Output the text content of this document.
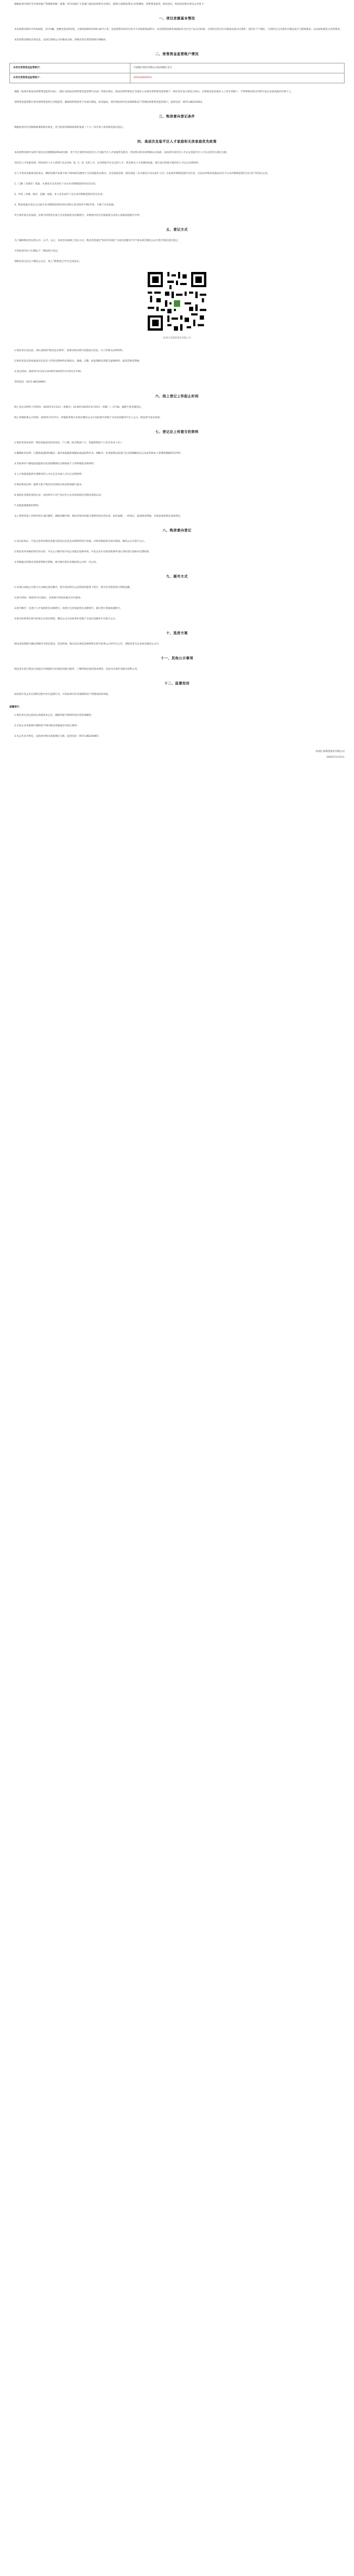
根据杭州市商住宅市场房地产管理机构统一部署，经市房地产主管部门商品房预售有关规定，现将江南璞荟(暂定名)售楼处、预售资金监管、购房登记、购房选房相关事宜公告如下：

一、项目房源基本情况

本次销售房源共计约304套，其中1幢、清雅里套房约2套、合建筑面积约2505.40平方米。房屋销售均价约为每平方米按建筑面积计，本次销售房源各项指标符合住宅产品交付标准，合同约定的交付日期前具备交付条件，项目位于下城区，合同约定交付条件应满足设计与规划要求，以及国家规范文件的要求。

本次销售房源的具体信息，以项目现场公示价格表为准。请购房者在预售现场仔细核对。

二、预售资金监管账户情况
本项目预售资金监管银行：	中国银行股份有限公司杭州城东支行
本项目预售资金监管账户：	405246600052

根据《杭州市商品房预售资金监管办法》、《浙江省商品房预售资金监管暂行办法》等相关规定，商品房预售资金应全部存入本项目预售资金监管账户，购房者在签订购房合同后，应将购房款直接存入上述专用账户，不得将购房款支付给开发企业或其他单位和个人。

预售资金监管银行将对预售资金进行全程监管，确保预售资金用于本项目建设。如有疑问，请咨询杭州市住房保障和房产管理局预售资金监管部门，监督电话：0571-86223052。

三、购房意向登记条件

根据杭州市住房限购政策的相关规定，符合杭州市限购政策的家庭（个人）均可参与本次购房意向登记。

四、高层次及临平区人才家庭和无房家庭优先政策

本次销售房源中安排不超过总房源数量20%的房源，用于符合条件的高层次人才及临平区人才家庭优先购买。优先购买的具体资格认定标准，以杭州市高层次人才认定及临平区人才认定的有关规定为准。

高层次人才家庭是指：经杭州市人才主管部门认定的A、B、C、D、E类人才，以及经临平区认定的人才。优先购买人才房源的家庭，须在登记时提交相应的人才认定证明材料。

在人才优先房源选房结束后，剩余房源中安排不低于50%的房源用于无房家庭优先购买。无房家庭是指：购房家庭（含夫妻双方及未成年子女）在杭州市限购范围内无住房，且登记时购房家庭成员名下在本市限购范围内无住房产权登记记录。

1、已婚（含离异）家庭，夫妻双方及未成年子女在本市限购范围内均无住房；

2、单身（未婚、离异、丧偶）家庭，本人及未成年子女在本市限购范围内均无住房；

3、购房家庭在登记之日前在本市限购范围内的住房转让登记时间不满1年的，不属于无房家庭。

符合条件的无房家庭，在摇号时将优先参与无房家庭优先房源摇号。未被摇中的无房家庭将自动进入普通家庭摇号序列。

五、登记方式

为了确保购房登记的公开、公平、公正，本项目采取线上登记方式，购房者需通过"杭州市房地产交易信息服务平台"或本项目微信公众号进行购房意向登记。

可用杭州市民卡扫描以下二维码进行登记：

请购房者关注以下微信公众号，进入"我要登记"栏目完成登记。

杭州江南璞荟置业有限公司

1.购房者在登记前，请认真阅读"购房登记须知"，按要求如实填写家庭成员信息，并上传相关证明材料。

2.购房者登记的家庭成员信息及上传的证明材料必须真实、准确、完整。如发现购房者提交虚假材料，取消其购房资格。

3.登记时间：2025年3月23日10:00至2025年3月25日17:00。

咨询电话：0571-86226987。

六、线上登记上传起止时间

线上登记及材料上传时间：2025年3月23日（星期日）10:00至2025年3月25日（星期二）17:00。逾期不再受理登记。

线上审核结果公示时间：2025年3月27日。审核结果将在本项目微信公众号及杭州市房地产交易信息服务平台上公示，购房者可登录查询。

七、登记应上传提交的资料

1.购房者身份证明：购房家庭成员的身份证、户口簿（如为集体户口，需提供集体户口首页及本人页）；

2.婚姻状况证明：已婚家庭提供结婚证；离异家庭提供离婚证或法院判决书、调解书；单身提供民政部门出具的婚姻登记记录证明或本人签署的婚姻状况声明；

3.非杭州市户籍家庭需提供在杭连续缴纳社会保险或个人所得税的证明材料；

4.人才家庭需提供有效期内的人才认定证书或人才认定证明材料；

5.购房资金证明：提供不低于购房首付款的存款证明或银行流水；

6.家庭住房情况查询记录：由杭州市不动产登记中心出具的家庭住房情况查询记录；

7.其他需要提供的资料。

以上资料均需上传原件照片或扫描件，确保清晰可辨。购房者须对所提交资料的真实性负责，如有虚假，一经查实，取消购房资格，并依法承担相应法律责任。

八、购房意向登记

1.登记结束后，开发企业将对购房者提交的登记信息及证明材料进行审核，并将审核结果在项目现场、微信公众号进行公示。

2.购房者对审核结果有异议的，可在公示期内向开发企业提出复核申请。开发企业应在收到复核申请后及时进行复核并反馈结果。

3.审核通过的购房者将获得摇号资格，摇号编号将在审核结果公示时一并公布。

九、摇号方式

1.本项目采取公开摇号方式确定选房顺序，摇号活动将在公证机构的监督下进行，摇号全过程将进行网络直播。

2.摇号时间：2025年3月28日。具体摇号时间及地点另行通知。

3.摇号顺序：先进行人才家庭优先房源摇号，再进行无房家庭优先房源摇号，最后进行普通家庭摇号。

4.摇号结果将在摇号结束后在项目现场、微信公众号及杭州市房地产交易信息服务平台进行公示。

十、选房方案

购房者按照摇号确定的顺序号依次选房。选房时间、地点及具体选房规则将在摇号结果公示时另行公告，请购房者关注本项目微信公众号。

十一、其他公示事项

购房者在签订购房合同前应仔细阅读合同条款及相关附件，了解所购房屋的基本情况、房屋交付条件及相关权利义务。

十二、监督投诉

如发现开发企业在销售过程中存在违规行为，可向杭州市住房保障和房产管理局投诉举报。

温馨提示：

1.购房者在登记前请认真阅读本公告，确保所提交资料的真实性和准确性；

2.开发企业及销售代理机构不得向购房者收取任何登记费用；

3.本公告未尽事宜，以杭州市相关政策规定为准。监督电话：0571-86226987。

杭州江南璞荟置业有限公司
2025年3月21日
